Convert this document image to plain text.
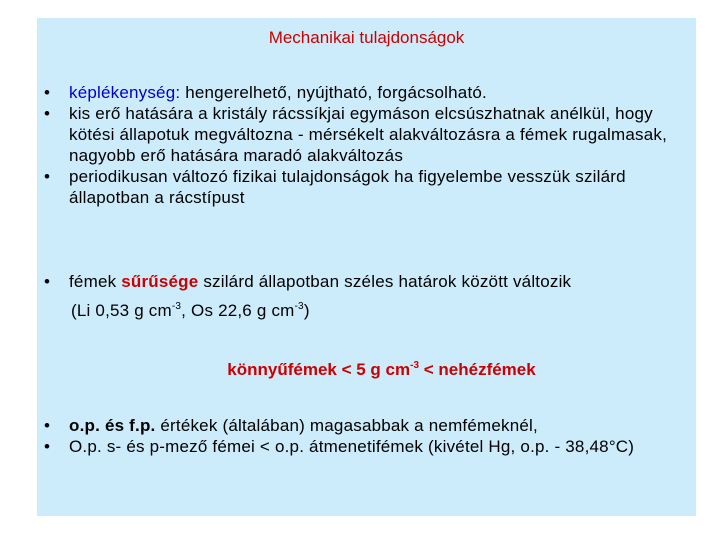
Mechanikai tulajdonságok
• képlékenység: hengerelhető, nyújtható, forgácsolható.
• kis erő hatására a kristály rácssíkjai egymáson elcsúszhatnak anélkül, hogy kötési állapotuk megváltozna - mérsékelt alakváltozásra a fémek rugalmasak, nagyobb erő hatására maradó alakváltozás
• periodikusan változó fizikai tulajdonságok ha figyelembe vesszük szilárd állapotban a rácstípust
• fémek sűrűsége szilárd állapotban széles határok között változik
(Li 0,53 g $cm^{-3}$, Os 22,6 g $cm^{-3}$)
könnyűfémek < 5 g $cm^{-3}$ < nehézfémek
• o.p. és f.p. értékek (általában) magasabbak a nemfémeknél,
• O.p. s- és p-mező fémei < o.p. átmenetifémek (kivétel Hg, o.p. - 38,48°C)
